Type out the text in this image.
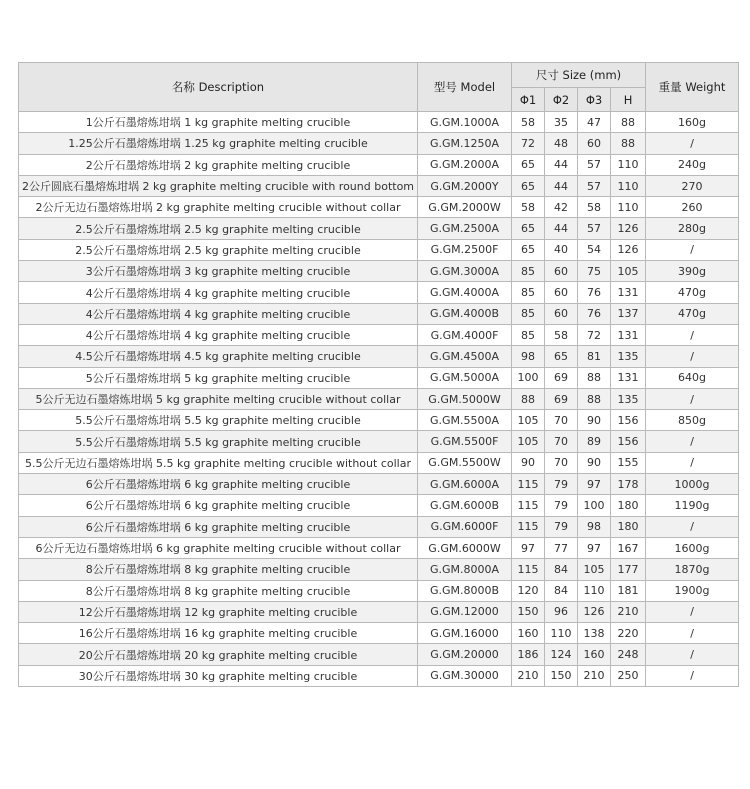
名称 Description	型号 Model	尺寸 Size (mm)				重量 Weight
		Φ1	Φ2	Φ3	H	
1公斤石墨熔炼坩埚 1 kg graphite melting crucible	G.GM.1000A	58	35	47	88	160g
1.25公斤石墨熔炼坩埚 1.25 kg graphite melting crucible	G.GM.1250A	72	48	60	88	/
2公斤石墨熔炼坩埚 2 kg graphite melting crucible	G.GM.2000A	65	44	57	110	240g
2公斤圆底石墨熔炼坩埚 2 kg graphite melting crucible with round bottom	G.GM.2000Y	65	44	57	110	270
2公斤无边石墨熔炼坩埚 2 kg graphite melting crucible without collar	G.GM.2000W	58	42	58	110	260
2.5公斤石墨熔炼坩埚 2.5 kg graphite melting crucible	G.GM.2500A	65	44	57	126	280g
2.5公斤石墨熔炼坩埚 2.5 kg graphite melting crucible	G.GM.2500F	65	40	54	126	/
3公斤石墨熔炼坩埚 3 kg graphite melting crucible	G.GM.3000A	85	60	75	105	390g
4公斤石墨熔炼坩埚 4 kg graphite melting crucible	G.GM.4000A	85	60	76	131	470g
4公斤石墨熔炼坩埚 4 kg graphite melting crucible	G.GM.4000B	85	60	76	137	470g
4公斤石墨熔炼坩埚 4 kg graphite melting crucible	G.GM.4000F	85	58	72	131	/
4.5公斤石墨熔炼坩埚 4.5 kg graphite melting crucible	G.GM.4500A	98	65	81	135	/
5公斤石墨熔炼坩埚 5 kg graphite melting crucible	G.GM.5000A	100	69	88	131	640g
5公斤无边石墨熔炼坩埚 5 kg graphite melting crucible without collar	G.GM.5000W	88	69	88	135	/
5.5公斤石墨熔炼坩埚 5.5 kg graphite melting crucible	G.GM.5500A	105	70	90	156	850g
5.5公斤石墨熔炼坩埚 5.5 kg graphite melting crucible	G.GM.5500F	105	70	89	156	/
5.5公斤无边石墨熔炼坩埚 5.5 kg graphite melting crucible without collar	G.GM.5500W	90	70	90	155	/
6公斤石墨熔炼坩埚 6 kg graphite melting crucible	G.GM.6000A	115	79	97	178	1000g
6公斤石墨熔炼坩埚 6 kg graphite melting crucible	G.GM.6000B	115	79	100	180	1190g
6公斤石墨熔炼坩埚 6 kg graphite melting crucible	G.GM.6000F	115	79	98	180	/
6公斤无边石墨熔炼坩埚 6 kg graphite melting crucible without collar	G.GM.6000W	97	77	97	167	1600g
8公斤石墨熔炼坩埚 8 kg graphite melting crucible	G.GM.8000A	115	84	105	177	1870g
8公斤石墨熔炼坩埚 8 kg graphite melting crucible	G.GM.8000B	120	84	110	181	1900g
12公斤石墨熔炼坩埚 12 kg graphite melting crucible	G.GM.12000	150	96	126	210	/
16公斤石墨熔炼坩埚 16 kg graphite melting crucible	G.GM.16000	160	110	138	220	/
20公斤石墨熔炼坩埚 20 kg graphite melting crucible	G.GM.20000	186	124	160	248	/
30公斤石墨熔炼坩埚 30 kg graphite melting crucible	G.GM.30000	210	150	210	250	/
